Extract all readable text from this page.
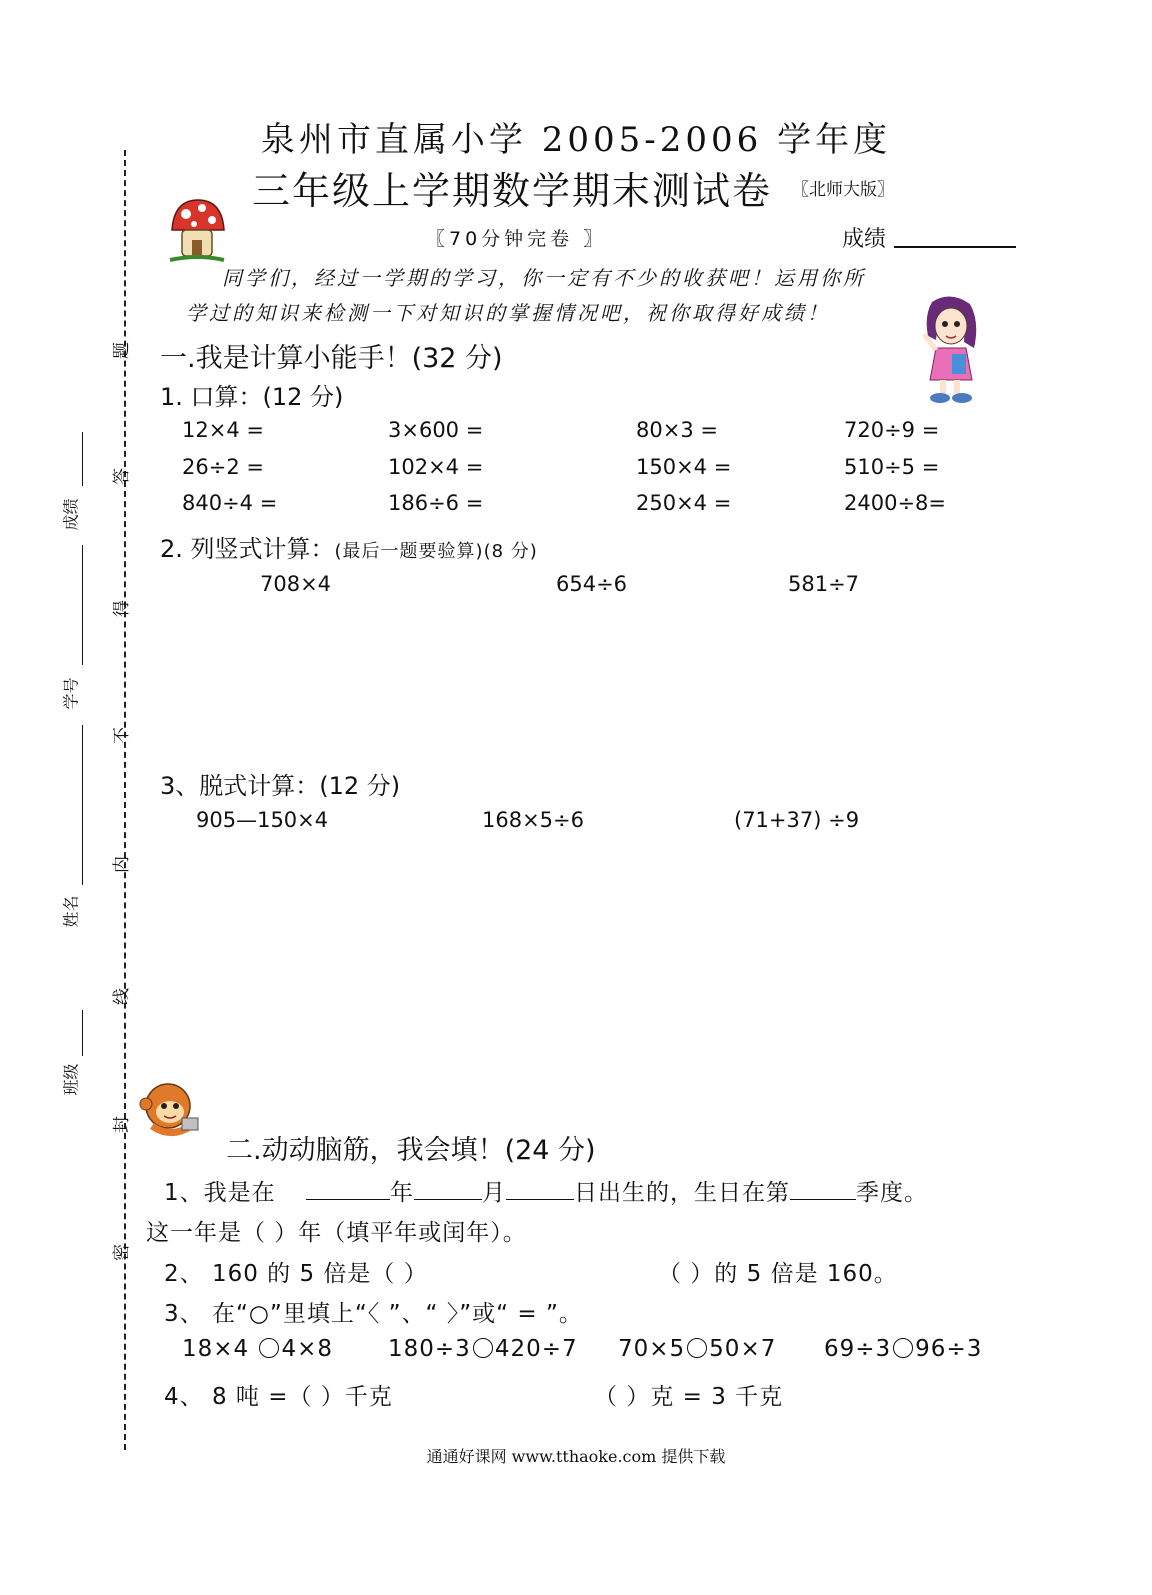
班级
姓名
学号
成绩
题
答
得
不
内
线
封
密
泉州市直属小学 2005-2006 学年度
三年级上学期数学期末测试卷 〖北师大版〗
〖70分钟完卷 〗	成绩
同学们，经过一学期的学习，你一定有不少的收获吧！运用你所
学过的知识来检测一下对知识的掌握情况吧，祝你取得好成绩！
一.我是计算小能手！(32 分)
1. 口算：(12 分)
12×4 =	3×600 =	80×3 =	720÷9 =
26÷2 =	102×4 =	150×4 =	510÷5 =
840÷4 =	186÷6 =	250×4 =	2400÷8=
2. 列竖式计算：(最后一题要验算)(8 分)
708×4	654÷6	581÷7
3、脱式计算：(12 分)
905—150×4	168×5÷6	(71+37) ÷9
二.动动脑筋，我会填！(24 分)
1、我是在	年	月	日出生的，生日在第	季度。
这一年是（ ）年（填平年或闰年）。
2、 160 的 5 倍是（ ）	（ ）的 5 倍是 160。
3、 在“○”里填上“〈 ”、“ 〉”或“ = ”。
18×4 4×8 180÷3 420÷7 70×5 50×7 69÷3 96÷3
4、 8 吨 =（ ）千克	（ ）克 = 3 千克
通通好课网 www.tthaoke.com 提供下载
